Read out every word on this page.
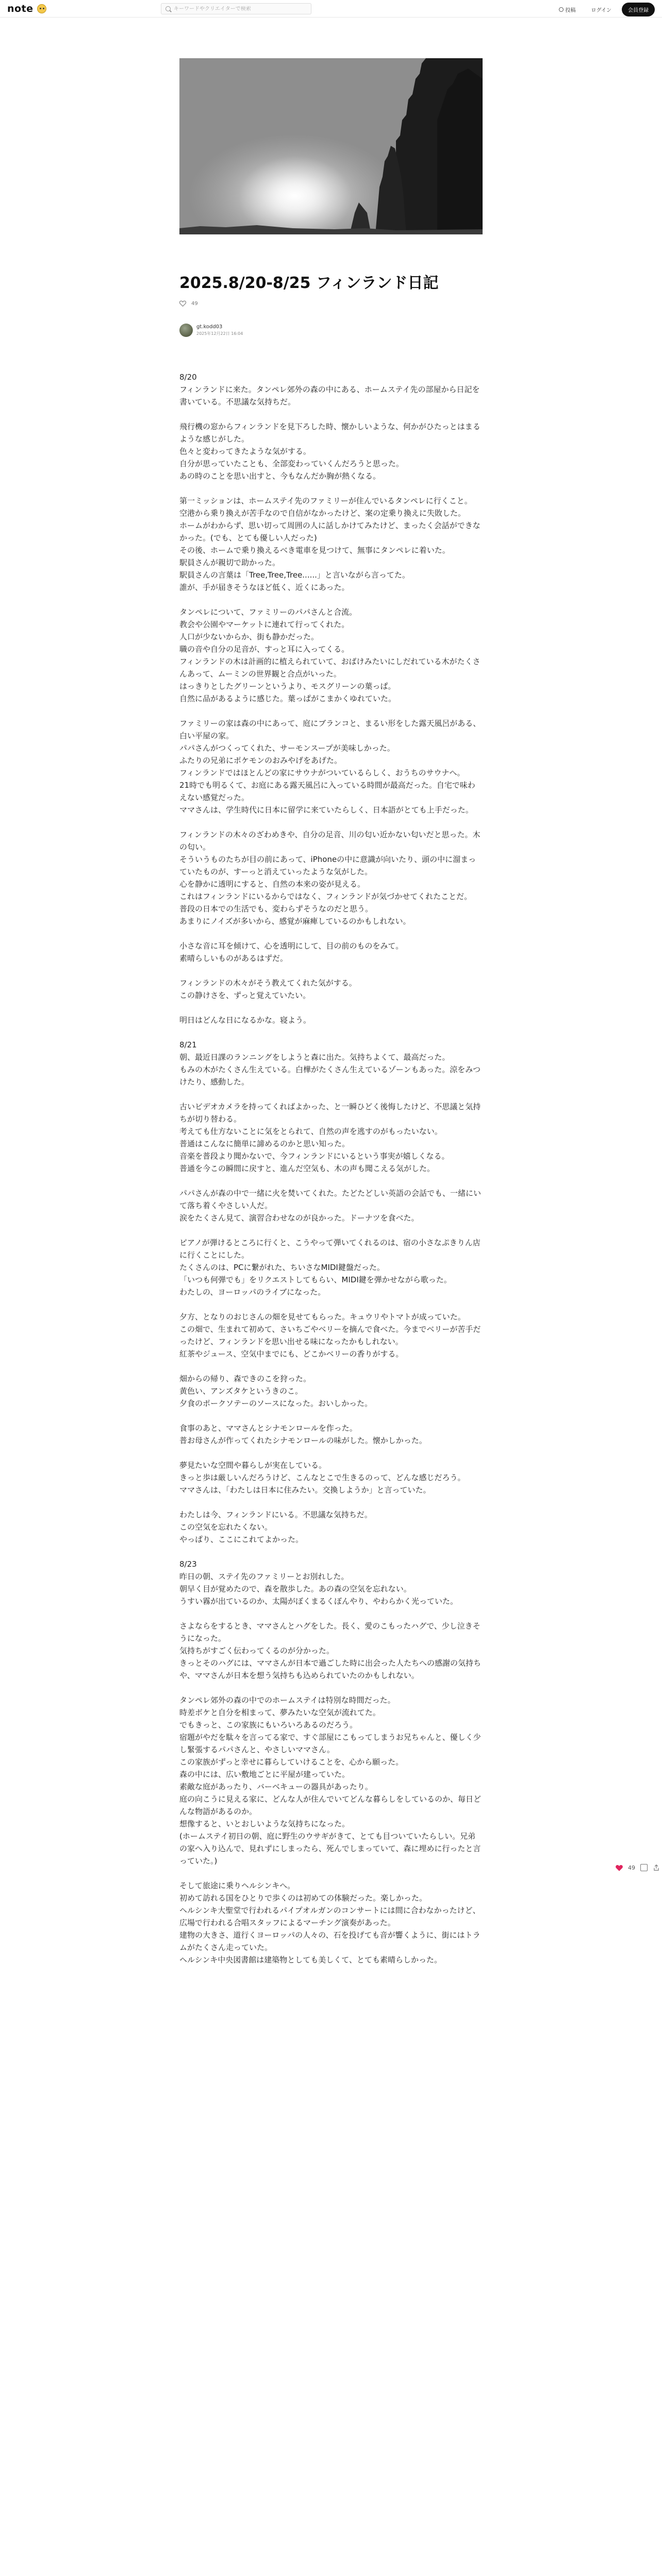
note
キーワードやクリエイターで検索	投稿	ログイン	会員登録
2025.8/20-8/25 フィンランド日記
49
gt.kodd03
2025年12月22日 16:04

8/20
フィンランドに来た。タンペレ郊外の森の中にある、ホームステイ先の部屋から日記を書いている。不思議な気持ちだ。

飛行機の窓からフィンランドを見下ろした時、懐かしいような、何かがひたっとはまるような感じがした。
色々と変わってきたような気がする。
自分が思っていたことも、全部変わっていくんだろうと思った。
あの時のことを思い出すと、今もなんだか胸が熱くなる。

第一ミッションは、ホームステイ先のファミリーが住んでいるタンペレに行くこと。
空港から乗り換えが苦手なので自信がなかったけど、案の定乗り換えに失敗した。
ホームがわからず、思い切って周囲の人に話しかけてみたけど、まったく会話ができなかった。(でも、とても優しい人だった)
その後、ホームで乗り換えるべき電車を見つけて、無事にタンペレに着いた。
駅員さんが親切で助かった。
駅員さんの言葉は「Tree,Tree,Tree......」と言いながら言ってた。
誰が、手が届きそうなほど低く、近くにあった。

タンペレについて、ファミリーのパパさんと合流。
教会や公園やマーケットに連れて行ってくれた。
人口が少ないからか、街も静かだった。
職の音や自分の足音が、すっと耳に入ってくる。
フィンランドの木は計画的に植えられていて、おばけみたいにしだれている木がたくさんあって、ムーミンの世界観と合点がいった。
はっきりとしたグリーンというより、モスグリーンの葉っぱ。
自然に品があるように感じた。葉っぱがこまかくゆれていた。

ファミリーの家は森の中にあって、庭にブランコと、まるい形をした露天風呂がある、白い平屋の家。
パパさんがつくってくれた、サーモンスープが美味しかった。
ふたりの兄弟にポケモンのおみやげをあげた。
フィンランドではほとんどの家にサウナがついているらしく、おうちのサウナへ。
21時でも明るくて、お庭にある露天風呂に入っている時間が最高だった。自宅で味わえない感覚だった。
ママさんは、学生時代に日本に留学に来ていたらしく、日本語がとても上手だった。

フィンランドの木々のざわめきや、自分の足音、川の匂い近かない匂いだと思った。木の匂い。
そういうものたちが目の前にあって、iPhoneの中に意識が向いたり、頭の中に溜まっていたものが、すーっと消えていったような気がした。
心を静かに透明にすると、自然の本来の姿が見える。
これはフィンランドにいるからではなく、フィンランドが気づかせてくれたことだ。
普段の日本での生活でも、変わらずそうなのだと思う。
あまりにノイズが多いから、感覚が麻痺しているのかもしれない。

小さな音に耳を傾けて、心を透明にして、目の前のものをみて。
素晴らしいものがあるはずだ。

フィンランドの木々がそう教えてくれた気がする。
この静けさを、ずっと覚えていたい。

明日はどんな日になるかな。寝よう。

8/21
朝、最近日課のランニングをしようと森に出た。気持ちよくて、最高だった。
もみの木がたくさん生えている。白樺がたくさん生えているゾーンもあった。涼をみつけたり、感動した。

古いビデオカメラを持ってくればよかった、と一瞬ひどく後悔したけど、不思議と気持ちが切り替わる。
考えても仕方ないことに気をとられて、自然の声を逃すのがもったいない。
普通はこんなに簡単に諦めるのかと思い知った。
音楽を普段より聞かないで、今フィンランドにいるという事実が嬉しくなる。
普通を今この瞬間に戻すと、進んだ空気も、木の声も聞こえる気がした。

パパさんが森の中で一緒に火を焚いてくれた。たどたどしい英語の会話でも、一緒にいて落ち着くやさしい人だ。
涙をたくさん見て、演習合わせなのが良かった。ドーナツを食べた。

ピアノが弾けるところに行くと、こうやって弾いてくれるのは、宿の小さなぷきりん店に行くことにした。
たくさんのは、PCに繋がれた、ちいさなMIDI鍵盤だった。
「いつも何弾でも」をリクエストしてもらい、MIDI鍵を弾かせながら歌った。
わたしの、ヨーロッパのライブになった。

夕方、となりのおじさんの畑を見せてもらった。キュウリやトマトが成っていた。
この畑で、生まれて初めて、さいちごやベリーを摘んで食べた。今までベリーが苦手だったけど、フィンランドを思い出せる味になったかもしれない。
紅茶やジュース、空気中までにも、どこかベリーの香りがする。

畑からの帰り、森できのこを狩った。
黄色い、アンズタケというきのこ。
夕食のポークソテーのソースになった。おいしかった。

食事のあと、ママさんとシナモンロールを作った。
普お母さんが作ってくれたシナモンロールの味がした。懐かしかった。

夢見たいな空間や暮らしが実在している。
きっと歩は厳しいんだろうけど、こんなとこで生きるのって、どんな感じだろう。
ママさんは、「わたしは日本に住みたい。交換しようか」と言っていた。

わたしは今、フィンランドにいる。不思議な気持ちだ。
この空気を忘れたくない。
やっぱり、ここにこれてよかった。

8/23
昨日の朝、ステイ先のファミリーとお別れした。
朝早く目が覚めたので、森を散歩した。あの森の空気を忘れない。
うすい霧が出ているのか、太陽がぼくまるくぼんやり、やわらかく光っていた。

さよならをするとき、ママさんとハグをした。長く、愛のこもったハグで、少し泣きそうになった。
気持ちがすごく伝わってくるのが分かった。
きっとそのハグには、ママさんが日本で過ごした時に出会った人たちへの感謝の気持ちや、ママさんが日本を想う気持ちも込められていたのかもしれない。

タンペレ郊外の森の中でのホームステイは特別な時間だった。
時差ボケと自分を相まって、夢みたいな空気が流れてた。
でもきっと、この家族にもいろいろあるのだろう。
宿題がやだを駄々を言ってる家で、すぐ部屋にこもってしまうお兄ちゃんと、優しく少し緊張するパパさんと、やさしいママさん。
この家族がずっと幸せに暮らしていけることを、心から願った。
森の中には、広い敷地ごとに平屋が建っていた。
素敵な庭があったり、バーベキューの器具があったり。
庭の向こうに見える家に、どんな人が住んでいてどんな暮らしをしているのか、毎日どんな物語があるのか。
想像すると、いとおしいような気持ちになった。
(ホームステイ初日の朝、庭に野生のウサギがきて、とても目ついていたらしい。兄弟の家へ入り込んで、見れずにしまったら、死んでしまっていて、森に埋めに行ったと言っていた。)

そして旅途に乗りヘルシンキへ。
初めて訪れる国をひとりで歩くのは初めての体験だった。楽しかった。
ヘルシンキ大聖堂で行われるパイプオルガンのコンサートには間に合わなかったけど、広場で行われる合唱スタッフによるマーチング演奏があった。
建物の大きさ、道行くヨーロッパの人々の、石を投げても音が響くように、街にはトラムがたくさん走っていた。
ヘルシンキ中央図書館は建築物としても美しくて、とても素晴らしかった。

49
